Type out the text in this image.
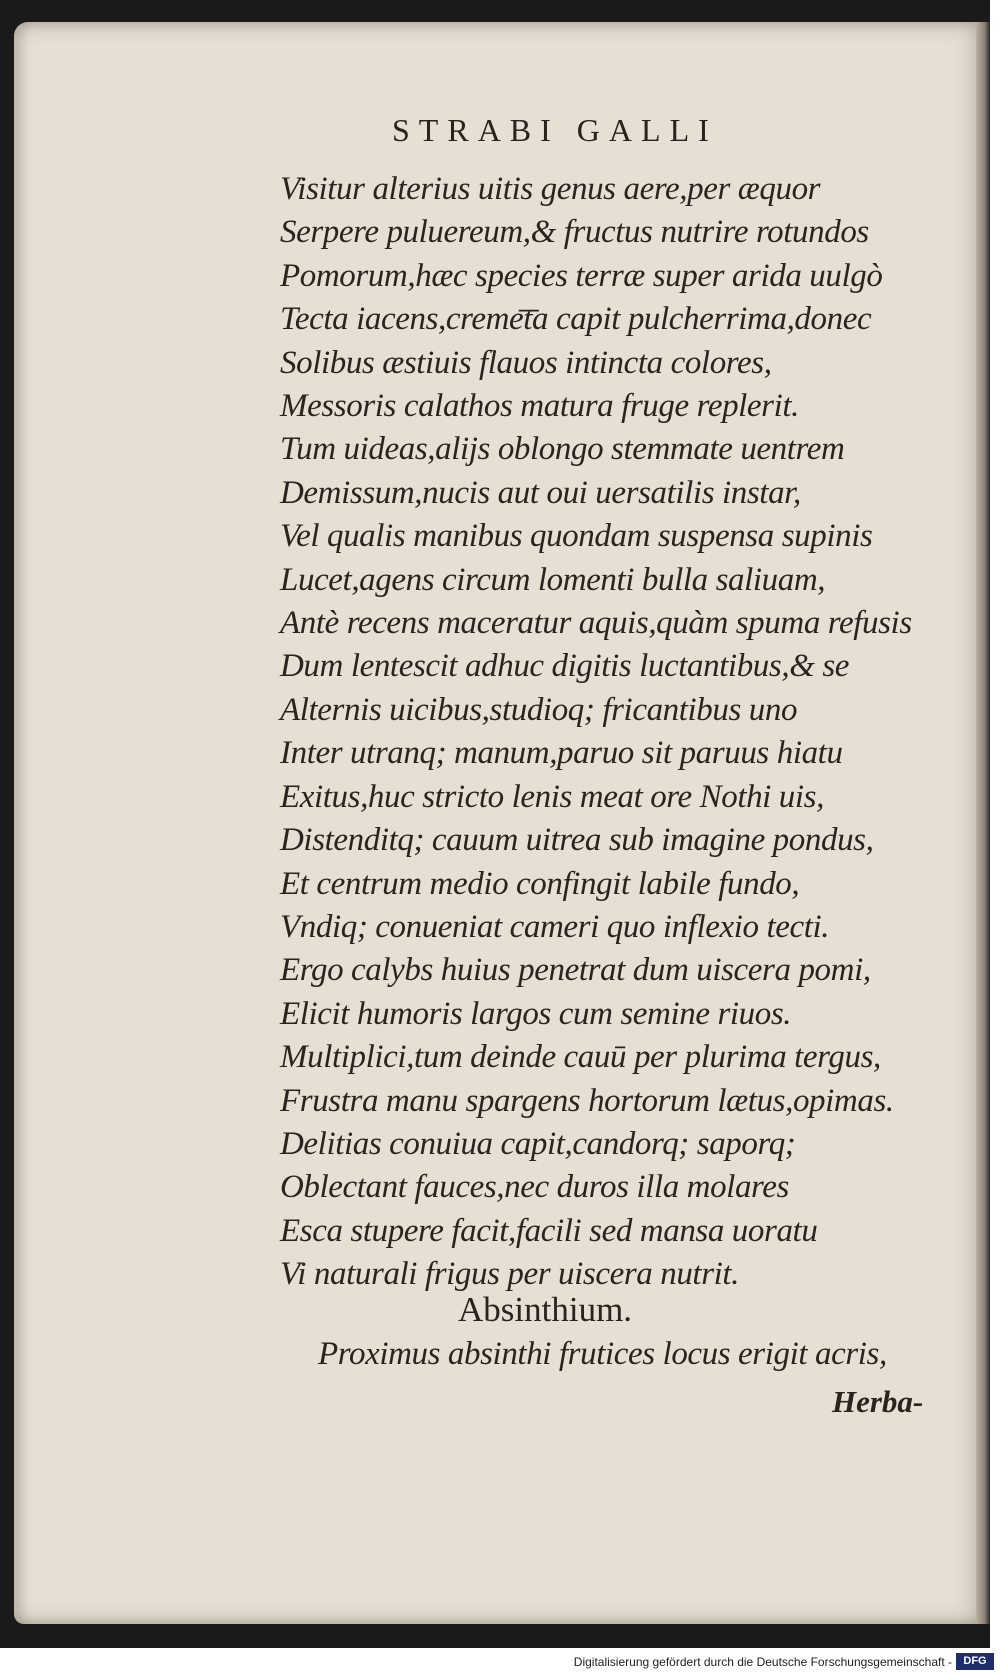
STRABI GALLI
Visitur alterius uitis genus aere,per æquor
Serpere puluereum,& fructus nutrire rotundos
Pomorum,hæc species terræ super arida uulgò
Tecta iacens,creme͞ta capit pulcherrima,donec
Solibus æstiuis flauos intincta colores,
Messoris calathos matura fruge replerit.
Tum uideas,alijs oblongo stemmate uentrem
Demissum,nucis aut oui uersatilis instar,
Vel qualis manibus quondam suspensa supinis
Lucet,agens circum lomenti bulla saliuam,
Antè recens maceratur aquis,quàm spuma refusis
Dum lentescit adhuc digitis luctantibus,& se
Alternis uicibus,studioq; fricantibus uno
Inter utranq; manum,paruo sit paruus hiatu
Exitus,huc stricto lenis meat ore Nothi uis,
Distenditq; cauum uitrea sub imagine pondus,
Et centrum medio confingit labile fundo,
Vndiq; conueniat cameri quo inflexio tecti.
Ergo calybs huius penetrat dum uiscera pomi,
Elicit humoris largos cum semine riuos.
Multiplici,tum deinde cauū per plurima tergus,
Frustra manu spargens hortorum lætus,opimas.
Delitias conuiua capit,candorq; saporq;
Oblectant fauces,nec duros illa molares
Esca stupere facit,facili sed mansa uoratu
Vi naturali frigus per uiscera nutrit.
Absinthium.
Proximus absinthi frutices locus erigit acris,
Herba-
Digitalisierung gefördert durch die Deutsche Forschungsgemeinschaft -	DFG
